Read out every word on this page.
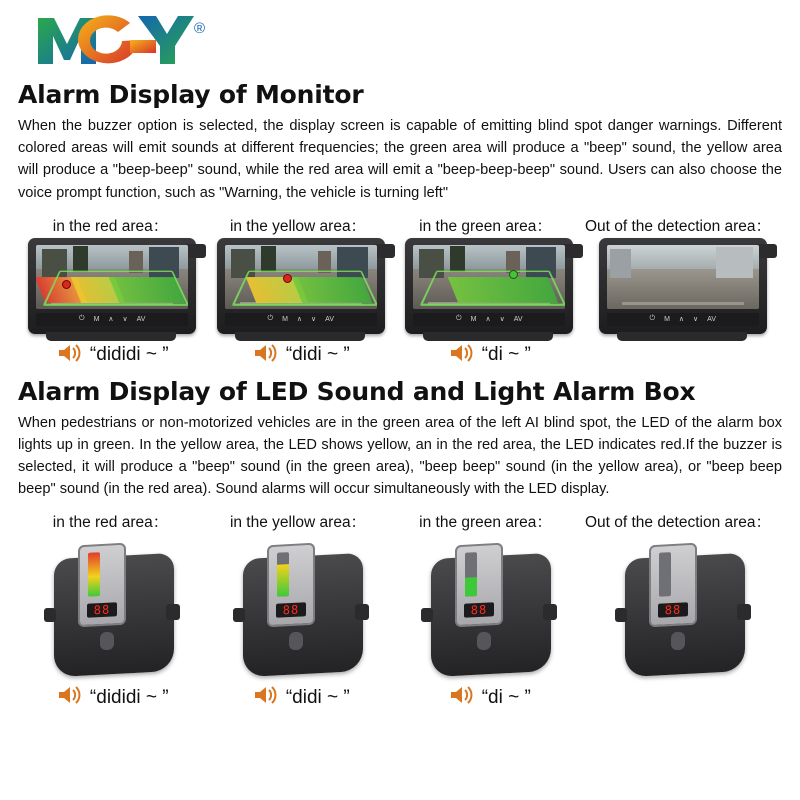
®
Alarm Display of Monitor

When the buzzer option is selected, the display screen is capable of emitting blind spot danger warnings. Different colored areas will emit sounds at different frequencies; the green area will produce a "beep" sound, the yellow area will produce a "beep-beep" sound, while the red area will emit a "beep-beep-beep" sound. Users can also choose the voice prompt function, such as "Warning, the vehicle is turning left"

in the red area：	in the yellow area：	in the green area：	Out of the detection area：
⏻ M ∧ ∨ AV	⏻ M ∧ ∨ AV	⏻ M ∧ ∨ AV	⏻ M ∧ ∨ AV
“dididi ~ ”	“didi ~ ”	“di ~ ”
Alarm Display of LED Sound and Light Alarm Box

When pedestrians or non-motorized vehicles are in the green area of the left AI blind spot, the LED of the alarm box lights up in green. In the yellow area, the LED shows yellow, an in the red area, the LED indicates red.If the buzzer is selected, it will produce a "beep" sound (in the green area), "beep beep" sound (in the yellow area), or "beep beep beep" sound (in the red area). Sound alarms will occur simultaneously with the LED display.

in the red area：	in the yellow area：	in the green area：	Out of the detection area：
88	88	88	88
“dididi ~ ”	“didi ~ ”	“di ~ ”
